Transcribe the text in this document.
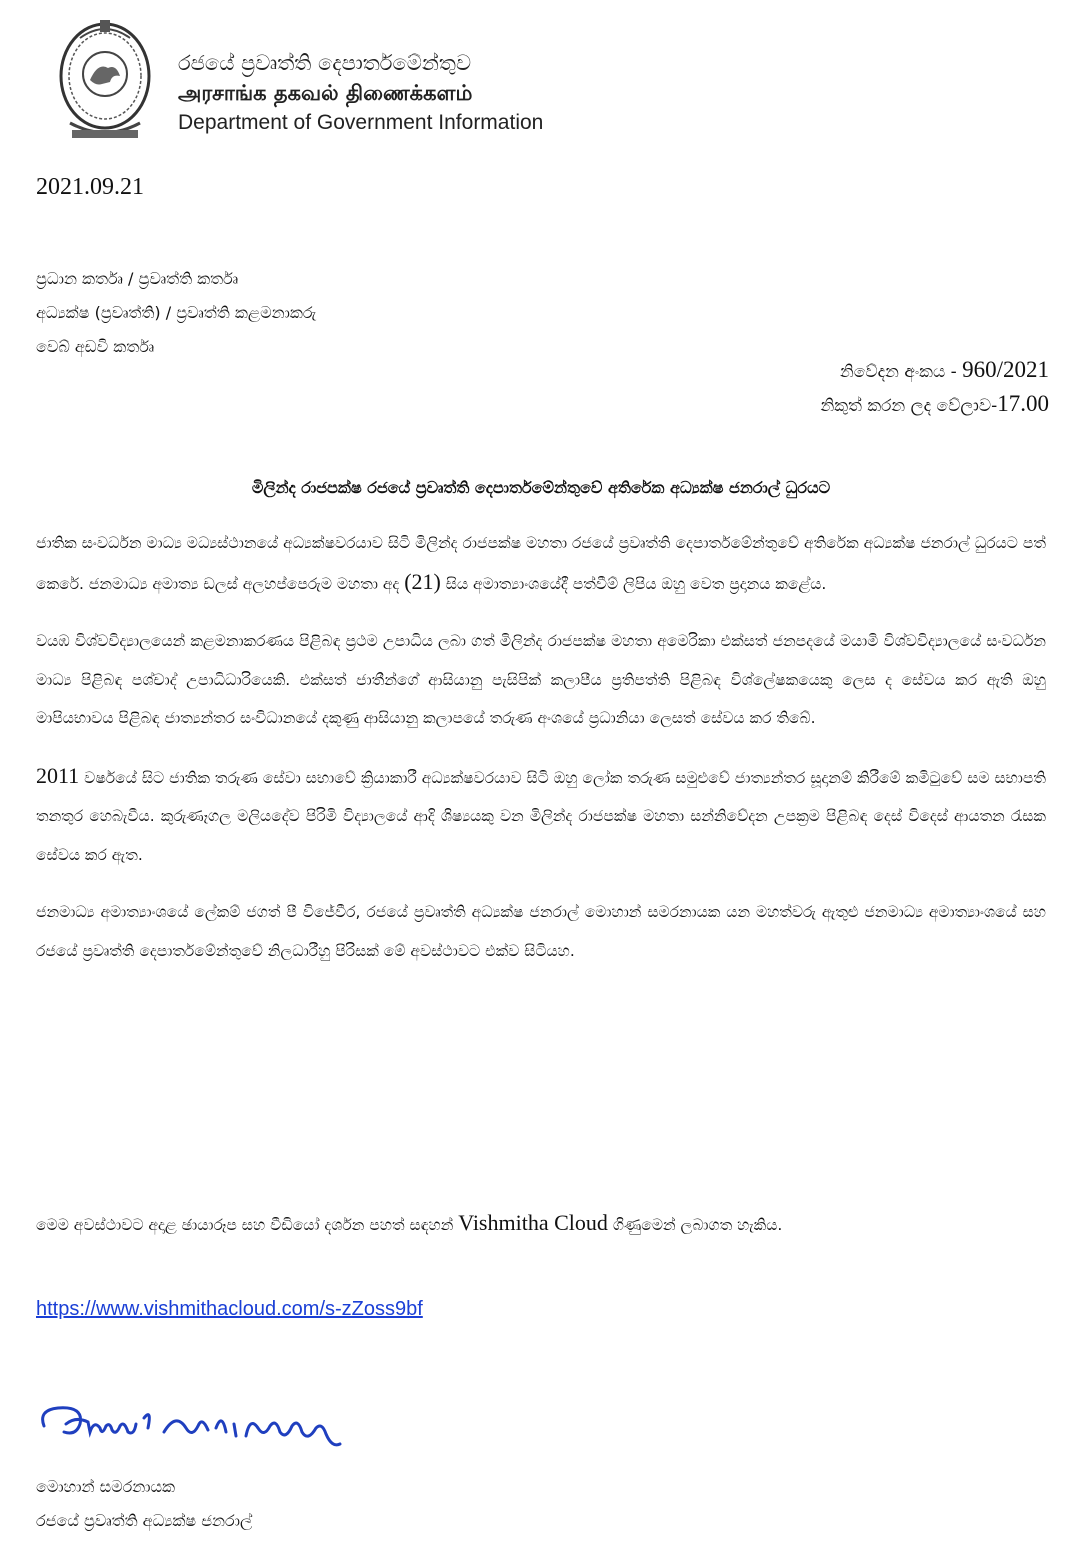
රජයේ ප්‍රවෘත්ති දෙපාර්තමේන්තුව
அரசாங்க தகவல் திணைக்களம்
Department of Government Information
2021.09.21
ප්‍රධාන කර්තෘ / ප්‍රවෘත්ති කර්තෘ
අධ්‍යක්ෂ (ප්‍රවෘත්ති) / ප්‍රවෘත්ති කළමනාකරු
වෙබ් අඩවි කර්තෘ
නිවේදන අංකය - 960/2021
නිකුත් කරන ලද වේලාව-17.00
මිලින්ද රාජපක්ෂ රජයේ ප්‍රවෘත්ති දෙපාර්තමේන්තුවේ අතිරේක අධ්‍යක්ෂ ජනරාල් ධුරයට

ජාතික සංවර්ධන මාධ්‍ය මධ්‍යස්ථානයේ අධ්‍යක්ෂවරයාව සිටි මිලින්ද රාජපක්ෂ මහතා රජයේ ප්‍රවෘත්ති දෙපාර්තමේන්තුවේ අතිරේක අධ්‍යක්ෂ ජනරාල් ධුරයට පත් කෙරේ. ජනමාධ්‍ය අමාත්‍ය ඩලස් අලහප්පෙරුම මහතා අද (21) සිය අමාත්‍යාංශයේදී පත්වීම් ලිපිය ඔහු වෙත ප්‍රදානය කළේය.

වයඹ විශ්වවිද්‍යාලයෙන් කළමනාකරණය පිළිබඳ ප්‍රථම උපාධිය ලබා ගත් මිලින්ද රාජපක්ෂ මහතා අමෙරිකා එක්සත් ජනපදයේ මයාමි විශ්වවිද්‍යාලයේ සංවර්ධන මාධ්‍ය පිළිබඳ පශ්චාද් උපාධිධාරියෙකි. එක්සත් ජාතීන්ගේ ආසියානු පැසිපික් කලාපීය ප්‍රතිපත්ති පිළිබඳ විශ්ලේෂකයෙකු ලෙස ද සේවය කර ඇති ඔහු මාපියභාවය පිළිබඳ ජාත්‍යන්තර සංවිධානයේ දකුණු ආසියානු කලාපයේ තරුණ අංශයේ ප්‍රධානියා ලෙසත් සේවය කර තිබේ.

2011 වර්ෂයේ සිට ජාතික තරුණ සේවා සභාවේ ක්‍රියාකාරී අධ්‍යක්ෂවරයාව සිටි ඔහු ලෝක තරුණ සමුළුවේ ජාත්‍යන්තර සූදානම් කිරීමේ කමිටුවේ සම සභාපති තනතුර හෙබැවීය. කුරුණෑගල මලියදේව පිරිමි විද්‍යාලයේ ආදි ශිෂ්‍යයකු වන මිලින්ද රාජපක්ෂ මහතා සන්නිවේදන උපක්‍රම පිළිබඳ දෙස් විදෙස් ආයතන රැසක සේවය කර ඇත.

ජනමාධ්‍ය අමාත්‍යාංශයේ ලේකම් ජගත් පී විජේවීර, රජයේ ප්‍රවෘත්ති අධ්‍යක්ෂ ජනරාල් මොහාන් සමරනායක යන මහත්වරු ඇතුළු ජනමාධ්‍ය අමාත්‍යාංශයේ සහ රජයේ ප්‍රවෘත්ති දෙපාර්තමේන්තුවේ නිලධාරීහු පිරිසක් මේ අවස්ථාවට එක්ව සිටියහ.

මෙම අවස්ථාවට අදාළ ඡායාරූප සහ වීඩියෝ දර්ශන පහත් සඳහන් Vishmitha Cloud ගිණුමෙන් ලබාගත හැකිය.
https://www.vishmithacloud.com/s-zZoss9bf
මොහාන් සමරනායක
රජයේ ප්‍රවෘත්ති අධ්‍යක්ෂ ජනරාල්
